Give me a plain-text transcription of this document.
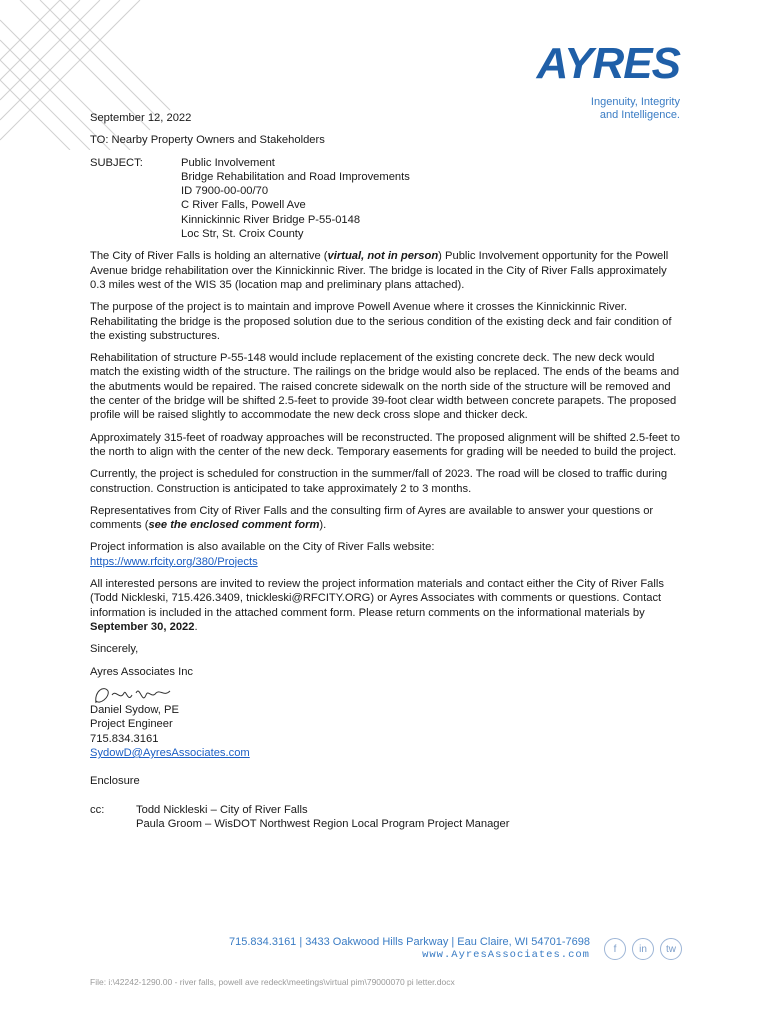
AYRES
Ingenuity, Integrity
and Intelligence.
September 12, 2022
TO: Nearby Property Owners and Stakeholders
SUBJECT:	Public Involvement
Bridge Rehabilitation and Road Improvements
ID 7900-00-00/70
C River Falls, Powell Ave
Kinnickinnic River Bridge P-55-0148
Loc Str, St. Croix County

The City of River Falls is holding an alternative (virtual, not in person) Public Involvement opportunity for the Powell Avenue bridge rehabilitation over the Kinnickinnic River. The bridge is located in the City of River Falls approximately 0.3 miles west of the WIS 35 (location map and preliminary plans attached).

The purpose of the project is to maintain and improve Powell Avenue where it crosses the Kinnickinnic River. Rehabilitating the bridge is the proposed solution due to the serious condition of the existing deck and fair condition of the existing substructures.

Rehabilitation of structure P-55-148 would include replacement of the existing concrete deck. The new deck would match the existing width of the structure. The railings on the bridge would also be replaced. The ends of the beams and the abutments would be repaired. The raised concrete sidewalk on the north side of the structure will be removed and the center of the bridge will be shifted 2.5-feet to provide 39-foot clear width between concrete parapets. The proposed profile will be raised slightly to accommodate the new deck cross slope and thicker deck.

Approximately 315-feet of roadway approaches will be reconstructed. The proposed alignment will be shifted 2.5-feet to the north to align with the center of the new deck. Temporary easements for grading will be needed to build the project.

Currently, the project is scheduled for construction in the summer/fall of 2023. The road will be closed to traffic during construction. Construction is anticipated to take approximately 2 to 3 months.

Representatives from City of River Falls and the consulting firm of Ayres are available to answer your questions or comments (see the enclosed comment form).

Project information is also available on the City of River Falls website:
https://www.rfcity.org/380/Projects

All interested persons are invited to review the project information materials and contact either the City of River Falls (Todd Nickleski, 715.426.3409, tnickleski@RFCITY.ORG) or Ayres Associates with comments or questions. Contact information is included in the attached comment form. Please return comments on the informational materials by September 30, 2022.

Sincerely,

Ayres Associates Inc
Daniel Sydow, PE
Project Engineer
715.834.3161
SydowD@AyresAssociates.com
Enclosure
cc:	Todd Nickleski – City of River Falls
Paula Groom – WisDOT Northwest Region Local Program Project Manager
715.834.3161 | 3433 Oakwood Hills Parkway | Eau Claire, WI 54701-7698
www.AyresAssociates.com	f	in	tw
File: i:\42242-1290.00 - river falls, powell ave redeck\meetings\virtual pim\79000070 pi letter.docx
